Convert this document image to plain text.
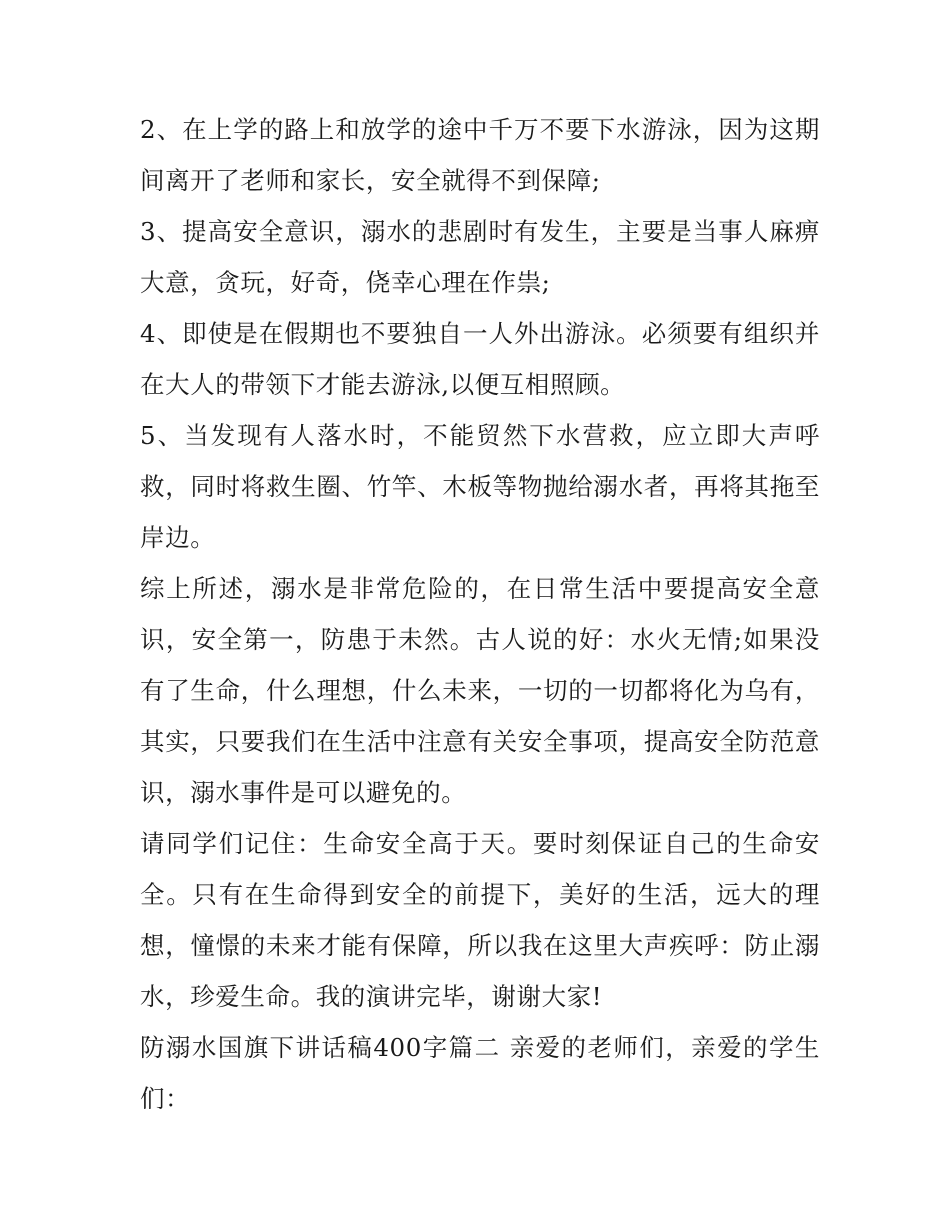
2、在上学的路上和放学的途中千万不要下水游泳，因为这期间离开了老师和家长，安全就得不到保障;

3、提高安全意识，溺水的悲剧时有发生，主要是当事人麻痹大意，贪玩，好奇，侥幸心理在作祟;

4、即使是在假期也不要独自一人外出游泳。必须要有组织并在大人的带领下才能去游泳,以便互相照顾。

5、当发现有人落水时，不能贸然下水营救，应立即大声呼救，同时将救生圈、竹竿、木板等物抛给溺水者，再将其拖至岸边。

综上所述，溺水是非常危险的，在日常生活中要提高安全意识，安全第一，防患于未然。古人说的好：水火无情;如果没有了生命，什么理想，什么未来，一切的一切都将化为乌有，其实，只要我们在生活中注意有关安全事项，提高安全防范意识，溺水事件是可以避免的。

请同学们记住：生命安全高于天。要时刻保证自己的生命安全。只有在生命得到安全的前提下，美好的生活，远大的理想，憧憬的未来才能有保障，所以我在这里大声疾呼：防止溺水，珍爱生命。我的演讲完毕，谢谢大家!

防溺水国旗下讲话稿400字篇二 亲爱的老师们，亲爱的学生们：
